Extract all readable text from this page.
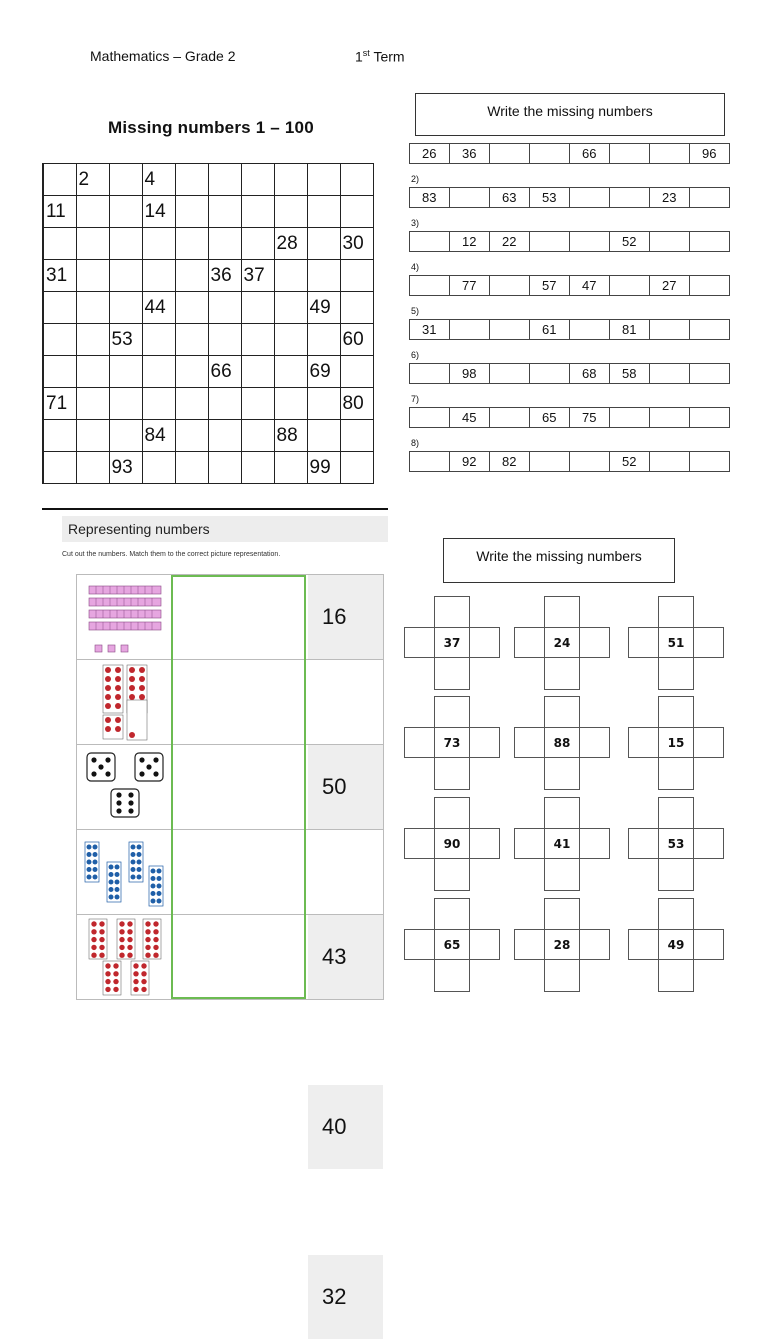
Mathematics – Grade 2	1st Term
Missing numbers 1 – 100
	2		4						
11			14						
							28		30
31					36	37			
			44					49	
		53							60
					66			69	
71									80
			84				88		
		93						99	
Write the missing numbers
26	36			66			96
2)
83		63	53			23	
3)
	12	22			52		
4)
	77		57	47		27	
5)
31			61		81		
6)
	98			68	58		
7)
	45		65	75			
8)
	92	82			52		
Representing numbers
Cut out the numbers. Match them to the correct picture representation.
16
50
43
40
32
Write the missing numbers
37	24	51
73	88	15
90	41	53
65	28	49
